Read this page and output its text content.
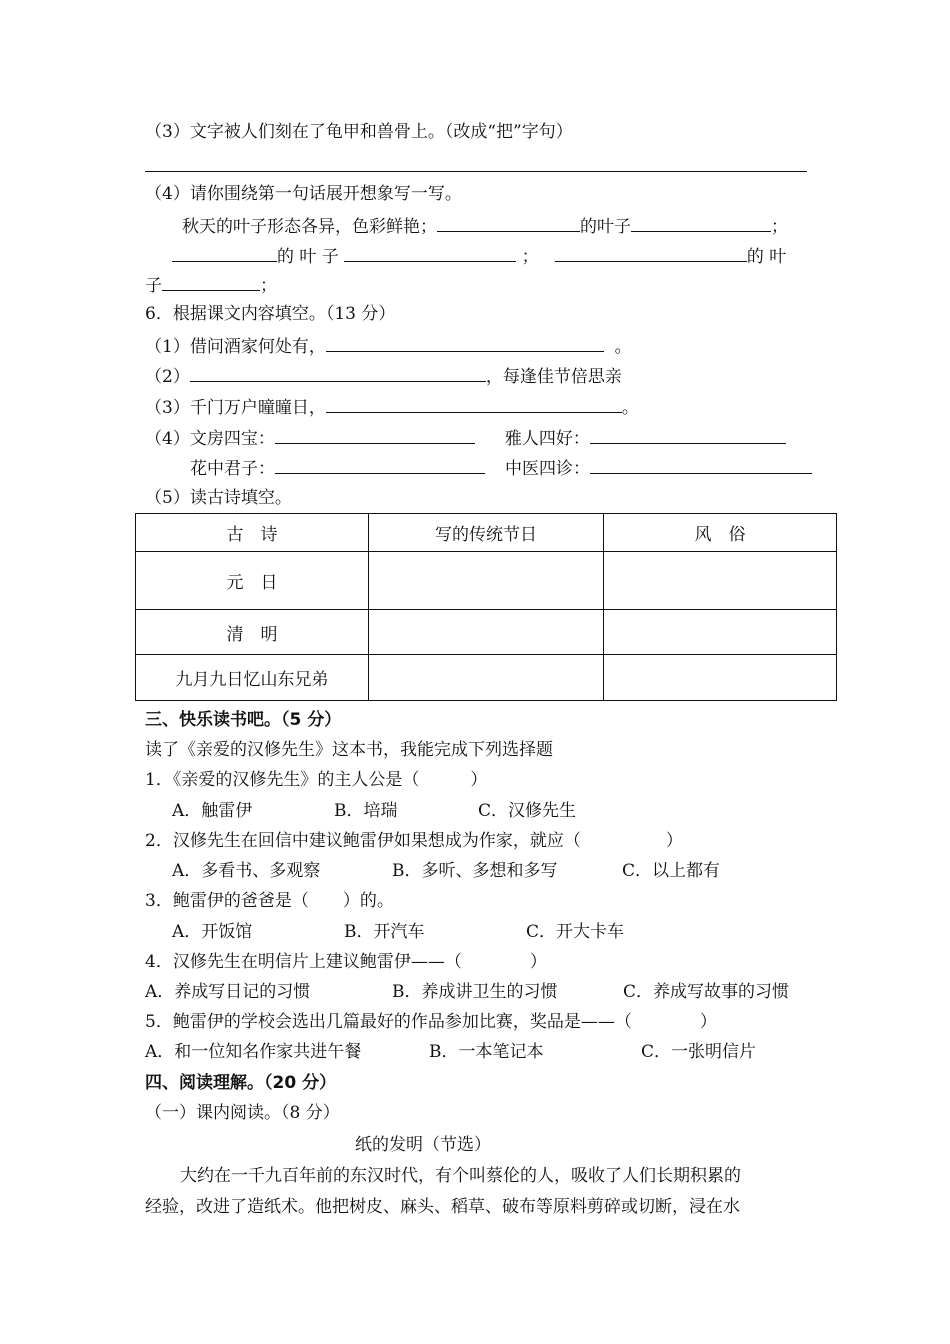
（3）文字被人们刻在了龟甲和兽骨上。（改成“把”字句）
（4）请你围绕第一句话展开想象写一写。
秋天的叶子形态各异，色彩鲜艳；	的叶子	；
的 叶 子	；	的 叶
子	；
6．根据课文内容填空。（13 分）
（1）借问酒家何处有，	。
（2）	，每逢佳节倍思亲
（3）千门万户曈曈日，	。
（4）文房四宝：	雅人四好：
花中君子：	中医四诊：
（5）读古诗填空。
古　诗	写的传统节日	风　俗
元　日		
清　明		
九月九日忆山东兄弟		
三、快乐读书吧。（5 分）
读了《亲爱的汉修先生》这本书，我能完成下列选择题
1．《亲爱的汉修先生》的主人公是（　　　）
A．触雷伊	B．培瑞	C．汉修先生
2．汉修先生在回信中建议鲍雷伊如果想成为作家，就应（　　　　　）
A．多看书、多观察	B．多听、多想和多写	C．以上都有
3．鲍雷伊的爸爸是（　　）的。
A．开饭馆	B．开汽车	C．开大卡车
4．汉修先生在明信片上建议鲍雷伊——（　　　　）
A．养成写日记的习惯	B．养成讲卫生的习惯	C．养成写故事的习惯
5．鲍雷伊的学校会选出几篇最好的作品参加比赛，奖品是——（　　　　）
A．和一位知名作家共进午餐	B．一本笔记本	C．一张明信片
四、阅读理解。（20 分）
（一）课内阅读。（8 分）
纸的发明（节选）
大约在一千九百年前的东汉时代，有个叫蔡伦的人，吸收了人们长期积累的
经验，改进了造纸术。他把树皮、麻头、稻草、破布等原料剪碎或切断，浸在水
